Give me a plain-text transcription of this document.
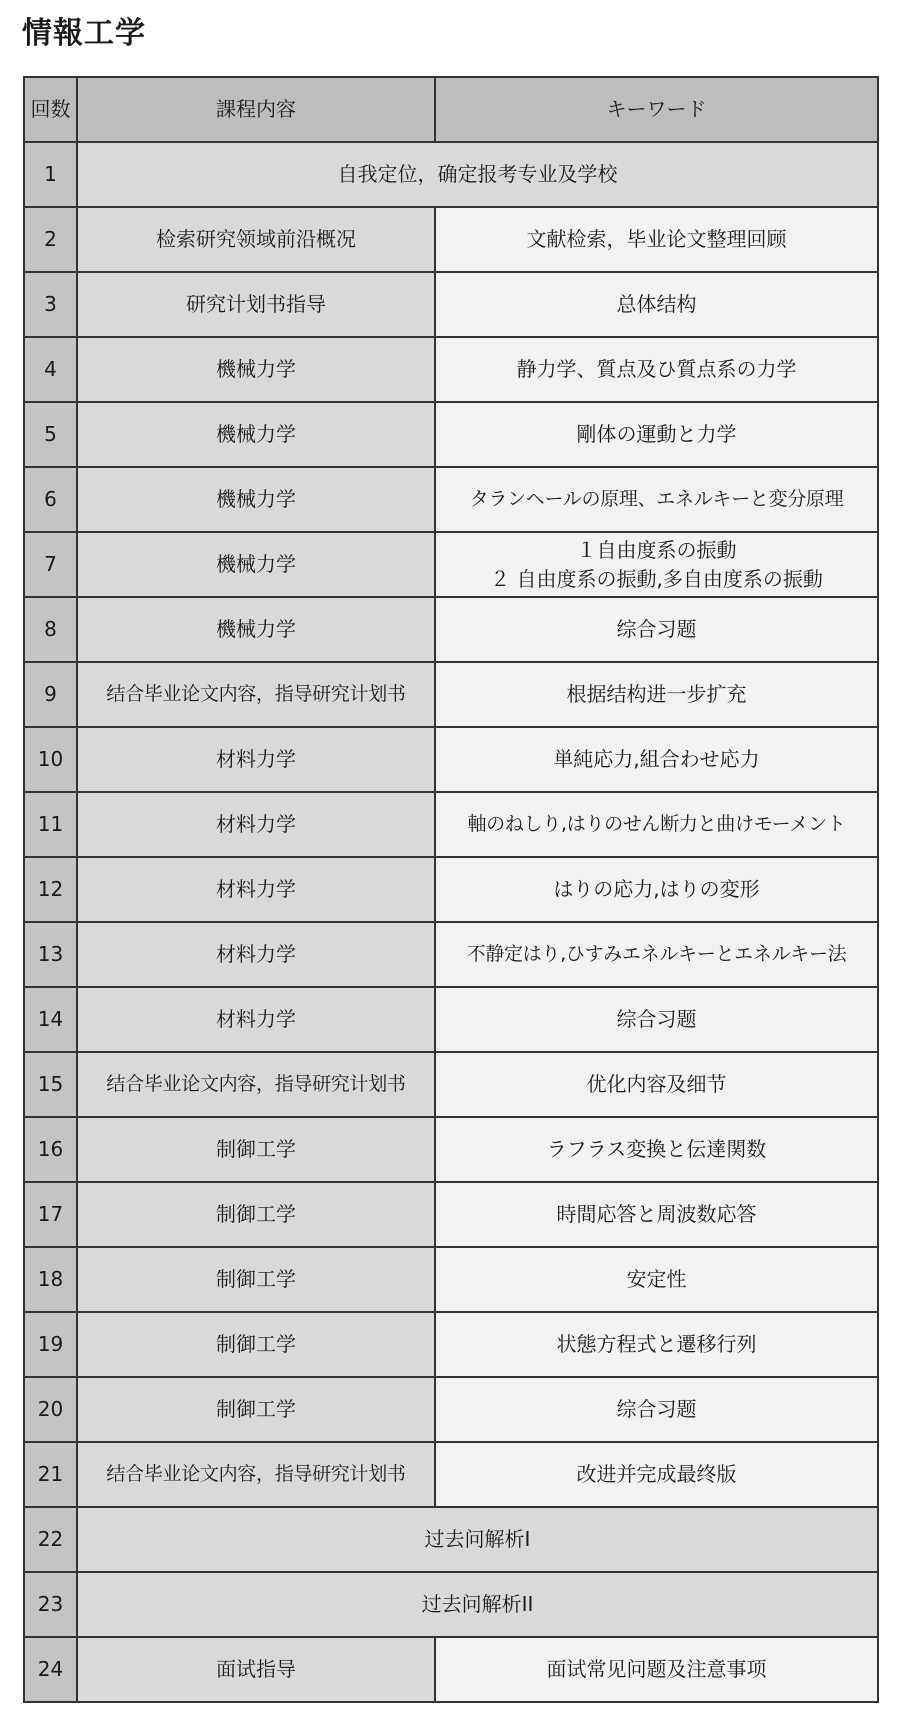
情報工学
回数	課程内容	キーワード
1	自我定位，确定报考专业及学校	
2	检索研究领域前沿概况	文献检索，毕业论文整理回顾
3	研究计划书指导	总体结构
4	機械力学	静力学、質点及ひ質点系の力学
5	機械力学	剛体の運動と力学
6	機械力学	タランヘールの原理、エネルキーと変分原理
7	機械力学	１自由度系の振動
２ 自由度系の振動,多自由度系の振動

8	機械力学	综合习题
9	结合毕业论文内容，指导研究计划书	根据结构进一步扩充
10	材料力学	単純応力,組合わせ応力
11	材料力学	軸のねしり,はりのせん断力と曲けモーメント
12	材料力学	はりの応力,はりの変形
13	材料力学	不静定はり,ひすみエネルキーとエネルキー法
14	材料力学	综合习题
15	结合毕业论文内容，指导研究计划书	优化内容及细节
16	制御工学	ラフラス変換と伝達関数
17	制御工学	時間応答と周波数応答
18	制御工学	安定性
19	制御工学	状態方程式と遷移行列
20	制御工学	综合习题
21	结合毕业论文内容，指导研究计划书	改进并完成最终版
22	过去问解析I	
23	过去问解析II	
24	面试指导	面试常见问题及注意事项
